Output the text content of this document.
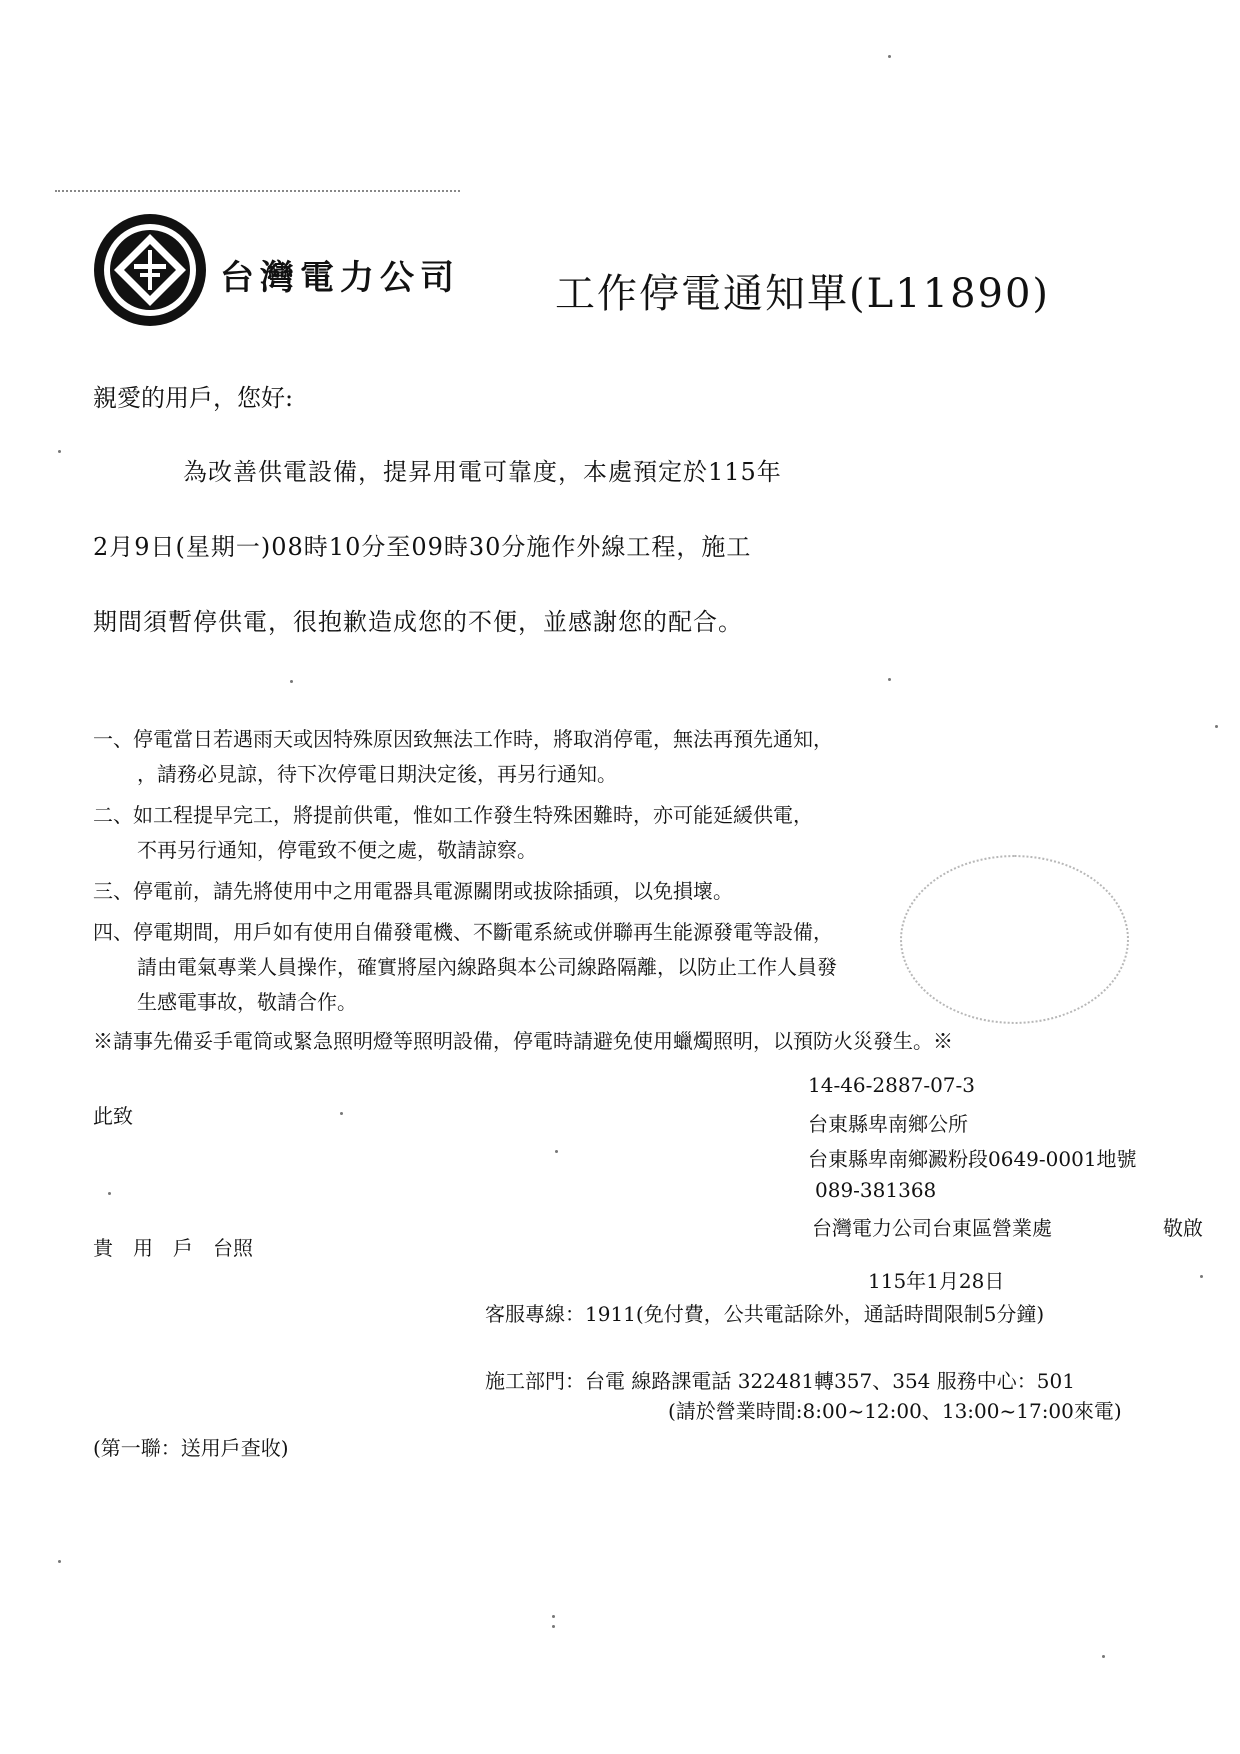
台灣電力公司 工作停電通知單(L11890)
親愛的用戶，您好:
為改善供電設備，提昇用電可靠度，本處預定於115年
2月9日(星期一)08時10分至09時30分施作外線工程，施工
期間須暫停供電，很抱歉造成您的不便，並感謝您的配合。
一、停電當日若遇雨天或因特殊原因致無法工作時，將取消停電，無法再預先通知，
，請務必見諒，待下次停電日期決定後，再另行通知。
二、如工程提早完工，將提前供電，惟如工作發生特殊困難時，亦可能延緩供電，
不再另行通知，停電致不便之處，敬請諒察。
三、停電前，請先將使用中之用電器具電源關閉或拔除插頭，以免損壞。
四、停電期間，用戶如有使用自備發電機、不斷電系統或併聯再生能源發電等設備，
請由電氣專業人員操作，確實將屋內線路與本公司線路隔離，以防止工作人員發
生感電事故，敬請合作。
※請事先備妥手電筒或緊急照明燈等照明設備，停電時請避免使用蠟燭照明，以預防火災發生。※
14-46-2887-07-3
此致	台東縣卑南鄉公所
台東縣卑南鄉澱粉段0649-0001地號
089-381368
台灣電力公司台東區營業處	敬啟
貴　用　戶　台照
115年1月28日
客服專線：1911(免付費，公共電話除外，通話時間限制5分鐘)
施工部門：台電 線路課電話 322481轉357、354 服務中心：501
(請於營業時間:8:00~12:00、13:00~17:00來電)
(第一聯：送用戶查收)
